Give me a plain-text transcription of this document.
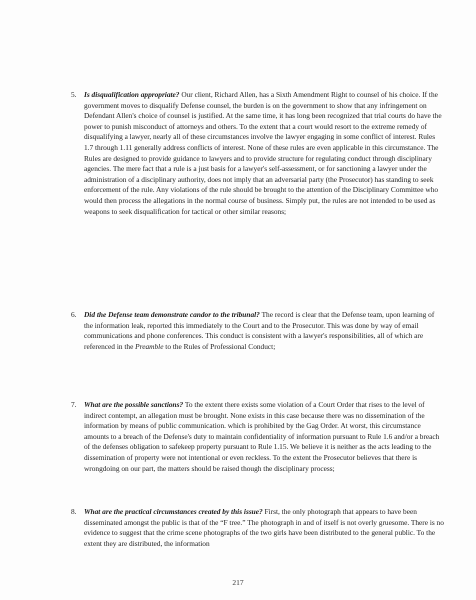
5. Is disqualification appropriate? Our client, Richard Allen, has a Sixth Amendment Right to counsel of his choice. If the government moves to disqualify Defense counsel, the burden is on the government to show that any infringement on Defendant Allen's choice of counsel is justified. At the same time, it has long been recognized that trial courts do have the power to punish misconduct of attorneys and others. To the extent that a court would resort to the extreme remedy of disqualifying a lawyer, nearly all of these circumstances involve the lawyer engaging in some conflict of interest. Rules 1.7 through 1.11 generally address conflicts of interest. None of these rules are even applicable in this circumstance. The Rules are designed to provide guidance to lawyers and to provide structure for regulating conduct through disciplinary agencies. The mere fact that a rule is a just basis for a lawyer's self-assessment, or for sanctioning a lawyer under the administration of a disciplinary authority, does not imply that an adversarial party (the Prosecutor) has standing to seek enforcement of the rule. Any violations of the rule should be brought to the attention of the Disciplinary Committee who would then process the allegations in the normal course of business. Simply put, the rules are not intended to be used as weapons to seek disqualification for tactical or other similar reasons;
6. Did the Defense team demonstrate candor to the tribunal? The record is clear that the Defense team, upon learning of the information leak, reported this immediately to the Court and to the Prosecutor. This was done by way of email communications and phone conferences. This conduct is consistent with a lawyer's responsibilities, all of which are referenced in the Preamble to the Rules of Professional Conduct;
7. What are the possible sanctions? To the extent there exists some violation of a Court Order that rises to the level of indirect contempt, an allegation must be brought. None exists in this case because there was no dissemination of the information by means of public communication. which is prohibited by the Gag Order. At worst, this circumstance amounts to a breach of the Defense's duty to maintain confidentiality of information pursuant to Rule 1.6 and/or a breach of the defenses obligation to safekeep property pursuant to Rule 1.15. We believe it is neither as the acts leading to the dissemination of property were not intentional or even reckless. To the extent the Prosecutor believes that there is wrongdoing on our part, the matters should be raised though the disciplinary process;
8. What are the practical circumstances created by this issue? First, the only photograph that appears to have been disseminated amongst the public is that of the “F tree.” The photograph in and of itself is not overly gruesome. There is no evidence to suggest that the crime scene photographs of the two girls have been distributed to the general public. To the extent they are distributed, the information
217
